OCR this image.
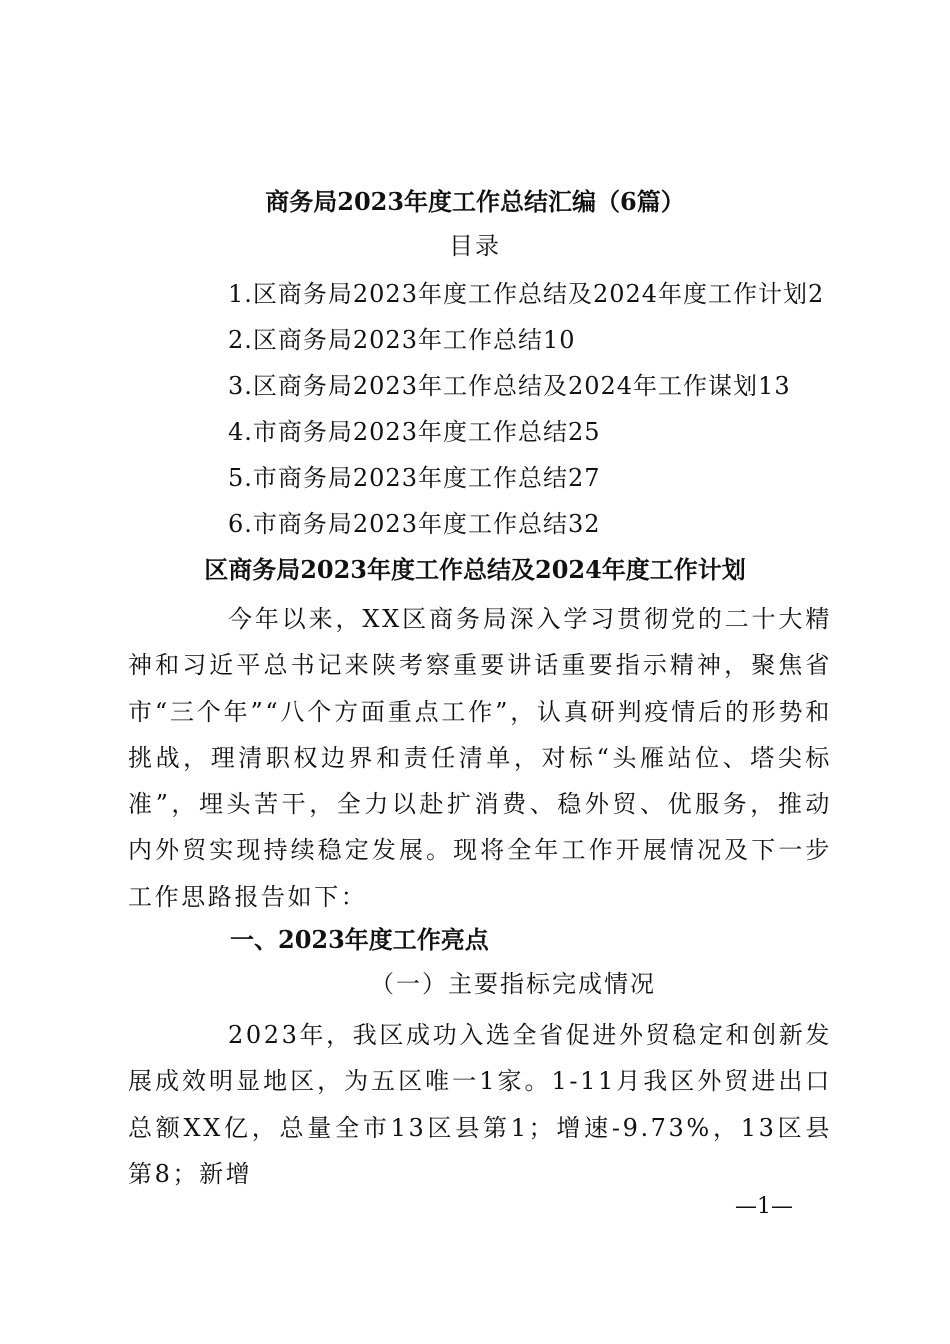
商务局2023年度工作总结汇编（6篇）
目录
1.区商务局2023年度工作总结及2024年度工作计划2
2.区商务局2023年工作总结10
3.区商务局2023年工作总结及2024年工作谋划13
4.市商务局2023年度工作总结25
5.市商务局2023年度工作总结27
6.市商务局2023年度工作总结32
区商务局2023年度工作总结及2024年度工作计划

今年以来，XX区商务局深入学习贯彻党的二十大精神和习近平总书记来陕考察重要讲话重要指示精神，聚焦省市“三个年”“八个方面重点工作”，认真研判疫情后的形势和挑战，理清职权边界和责任清单，对标“头雁站位、塔尖标准”，埋头苦干，全力以赴扩消费、稳外贸、优服务，推动内外贸实现持续稳定发展。现将全年工作开展情况及下一步工作思路报告如下：

一、2023年度工作亮点
（一）主要指标完成情况

2023年，我区成功入选全省促进外贸稳定和创新发展成效明显地区，为五区唯一1家。1-11月我区外贸进出口总额XX亿，总量全市13区县第1；增速-9.73%，13区县第8；新增

—1—
